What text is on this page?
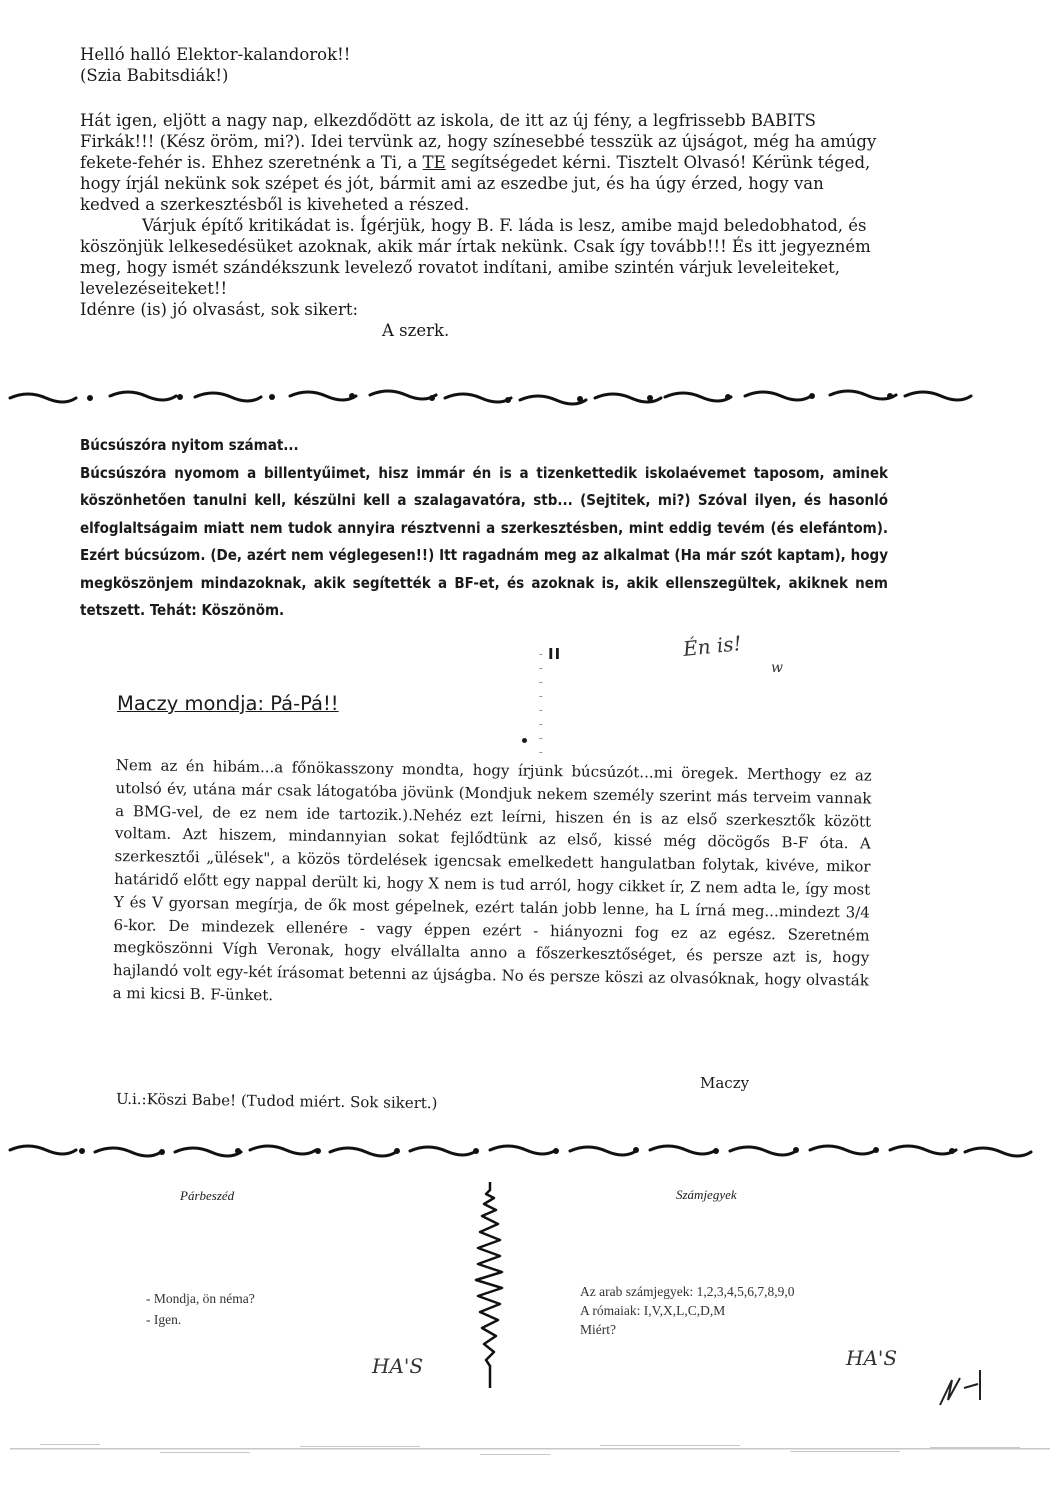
Helló halló Elektor-kalandorok!!

(Szia Babitsdiák!)

Hát igen, eljött a nagy nap, elkezdődött az iskola, de itt az új fény, a legfrissebb BABITS Firkák!!! (Kész öröm, mi?). Idei tervünk az, hogy színesebbé tesszük az újságot, még ha amúgy fekete-fehér is. Ehhez szeretnénk a Ti, a TE segítségedet kérni. Tisztelt Olvasó! Kérünk téged, hogy írjál nekünk sok szépet és jót, bármit ami az eszedbe jut, és ha úgy érzed, hogy van kedved a szerkesztésből is kiveheted a részed.

Várjuk építő kritikádat is. Ígérjük, hogy B. F. láda is lesz, amibe majd beledobhatod, és köszönjük lelkesedésüket azoknak, akik már írtak nekünk. Csak így tovább!!! És itt jegyezném meg, hogy ismét szándékszunk levelező rovatot indítani, amibe szintén várjuk leveleiteket, levelezéseiteket!!

Idénre (is) jó olvasást, sok sikert:

A szerk.

Búcsúszóra nyitom számat...

Búcsúszóra nyomom a billentyűimet, hisz immár én is a tizenkettedik iskolaévemet taposom, aminek köszönhetően tanulni kell, készülni kell a szalagavatóra, stb... (Sejtitek, mi?) Szóval ilyen, és hasonló elfoglaltságaim miatt nem tudok annyira résztvenni a szerkesztésben, mint eddig tevém (és elefántom). Ezért búcsúzom. (De, azért nem véglegesen!!) Itt ragadnám meg az alkalmat (Ha már szót kaptam), hogy megköszönjem mindazoknak, akik segítették a BF-et, és azoknak is, akik ellenszegültek, akiknek nem tetszett. Tehát: Köszönöm.

- - - II	Én is!
w
Maczy mondja: Pá-Pá!!

Nem az én hibám...a főnökasszony mondta, hogy írjunk búcsúzót...mi öregek. Merthogy ez az utolsó év, utána már csak látogatóba jövünk (Mondjuk nekem személy szerint más terveim vannak a BMG-vel, de ez nem ide tartozik.).Nehéz ezt leírni, hiszen én is az első szerkesztők között voltam. Azt hiszem, mindannyian sokat fejlődtünk az első, kissé még döcögős B-F óta. A szerkesztői „ülések", a közös tördelések igencsak emelkedett hangulatban folytak, kivéve, mikor határidő előtt egy nappal derült ki, hogy X nem is tud arról, hogy cikket ír, Z nem adta le, így most Y és V gyorsan megírja, de ők most gépelnek, ezért talán jobb lenne, ha L írná meg...mindezt 3/4 6-kor. De mindezek ellenére - vagy éppen ezért - hiányozni fog ez az egész. Szeretném megköszönni Vígh Veronak, hogy elvállalta anno a főszerkesztőséget, és persze azt is, hogy hajlandó volt egy-két írásomat betenni az újságba. No és persze köszi az olvasóknak, hogy olvasták a mi kicsi B. F-ünket.

U.i.:Köszi Babe! (Tudod miért. Sok sikert.)
Maczy
Párbeszéd	Számjegyek

- Mondja, ön néma?

- Igen.

Az arab számjegyek: 1,2,3,4,5,6,7,8,9,0

A rómaiak: I,V,X,L,C,D,M

Miért?

HA'S	HA'S
